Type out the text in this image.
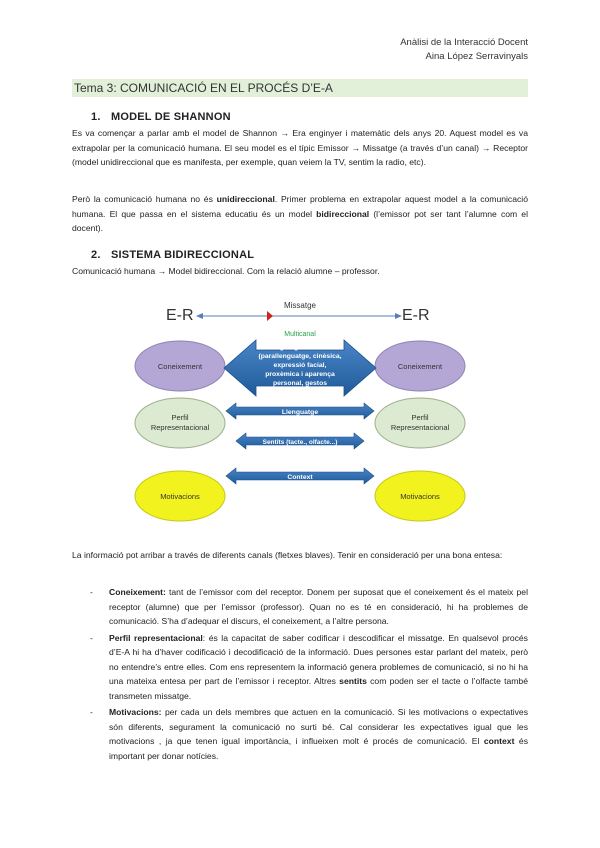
Anàlisi de la Interacció Docent
Aina López Serravinyals
Tema 3: COMUNICACIÓ EN EL PROCÉS D’E-A
1. MODEL DE SHANNON
Es va començar a parlar amb el model de Shannon → Era enginyer i matemàtic dels anys 20. Aquest model es va extrapolar per la comunicació humana. El seu model es el típic Emissor → Missatge (a través d’un canal) → Receptor (model unidireccional que es manifesta, per exemple, quan veiem la TV, sentim la radio, etc).
Però la comunicació humana no és unidireccional. Primer problema en extrapolar aquest model a la comunicació humana. El que passa en el sistema educatiu és un model bidireccional (l’emissor pot ser tant l’alumne com el docent).
2. SISTEMA BIDIRECCIONAL
Comunicació humana → Model bidireccional. Com la relació alumne – professor.
E-R	E-R
Missatge
Multicanal
Coneixement
Perfil
Representacional
Motivacions
Coneixement
Perfil
Representacional
Motivacions
Llenguatge no verbal
(parallenguatge, cinèsica,
expressió facial,
proxèmica i aparença
personal, gestos
Llenguatge
Sentits (tacte., olfacte...)
Context
La informació pot arribar a través de diferents canals (fletxes blaves). Tenir en consideració per una bona entesa:
- Coneixement: tant de l’emissor com del receptor. Donem per suposat que el coneixement és el mateix pel receptor (alumne) que per l’emissor (professor). Quan no es té en consideració, hi ha problemes de comunicació. S’ha d’adequar el discurs, el coneixement, a l’altre persona.
- Perfil representacional: és la capacitat de saber codificar i descodificar el missatge. En qualsevol procés d’E-A hi ha d’haver codificació i decodificació de la informació. Dues persones estar parlant del mateix, però no entendre’s entre elles. Com ens representem la informació genera problemes de comunicació, si no hi ha una mateixa entesa per part de l’emissor i receptor. Altres sentits com poden ser el tacte o l’olfacte també transmeten missatge.
- Motivacions: per cada un dels membres que actuen en la comunicació. Si les motivacions o expectatives són diferents, segurament la comunicació no surti bé. Cal considerar les expectatives igual que les motivacions , ja que tenen igual importància, i influeixen molt é procés de comunicació. El context és important per donar notícies.
